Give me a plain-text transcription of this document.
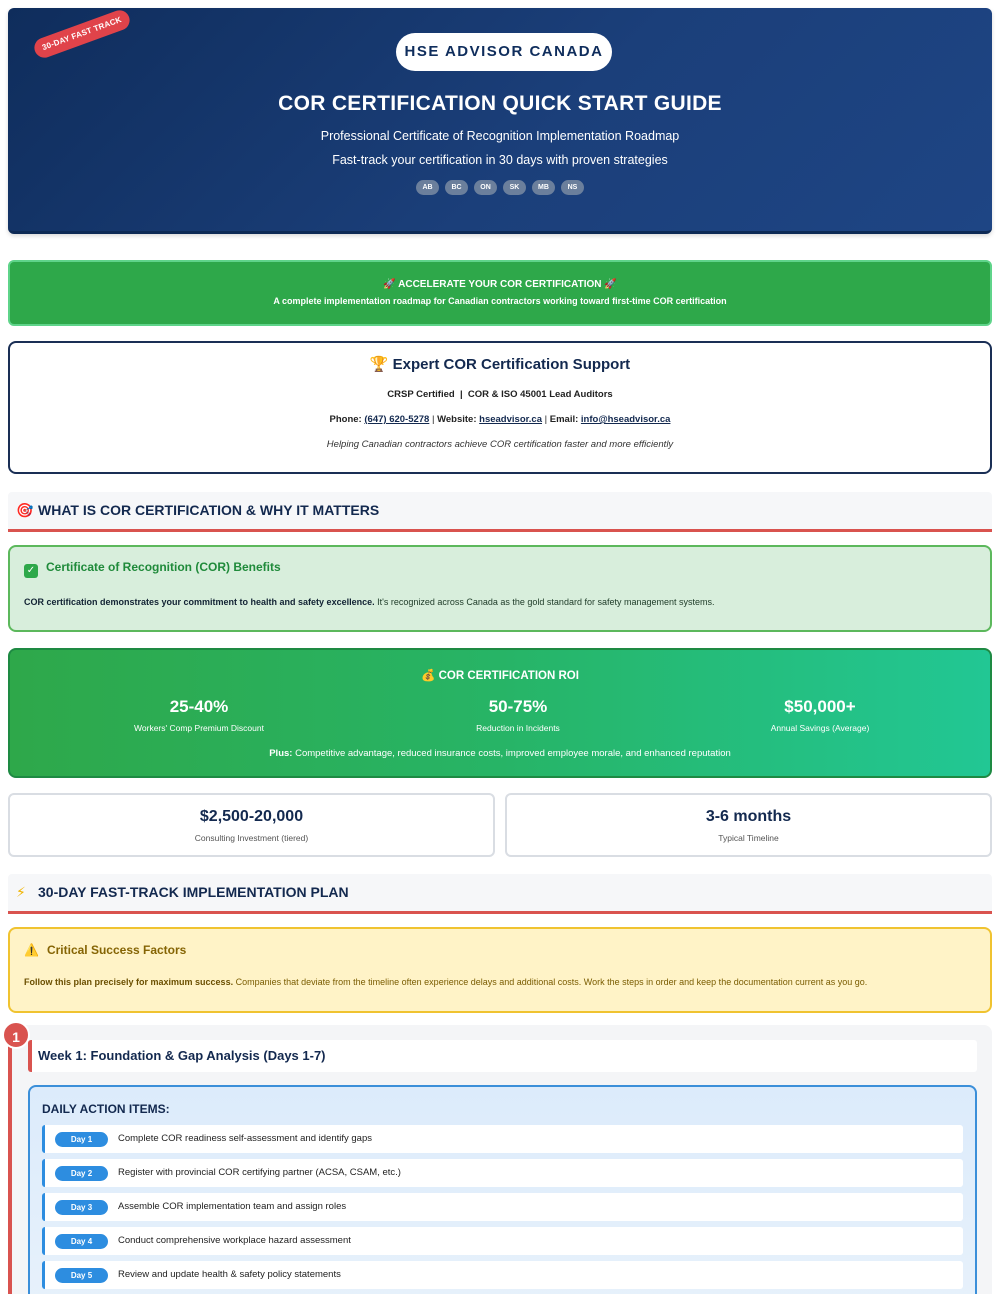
30-DAY FAST TRACK	HSE ADVISOR CANADA
COR CERTIFICATION QUICK START GUIDE
Professional Certificate of Recognition Implementation Roadmap
Fast-track your certification in 30 days with proven strategies
AB	BC	ON	SK	MB	NS
🚀 ACCELERATE YOUR COR CERTIFICATION 🚀
A complete implementation roadmap for Canadian contractors working toward first-time COR certification
🏆 Expert COR Certification Support
CRSP Certified  |  COR & ISO 45001 Lead Auditors
Phone: (647) 620-5278 | Website: hseadvisor.ca | Email: info@hseadvisor.ca
Helping Canadian contractors achieve COR certification faster and more efficiently
🎯 WHAT IS COR CERTIFICATION & WHY IT MATTERS
✓ Certificate of Recognition (COR) Benefits
COR certification demonstrates your commitment to health and safety excellence. It's recognized across Canada as the gold standard for safety management systems.
💰 COR CERTIFICATION ROI
25-40%
Workers' Comp Premium Discount
50-75%
Reduction in Incidents
$50,000+
Annual Savings (Average)
Plus: Competitive advantage, reduced insurance costs, improved employee morale, and enhanced reputation
$2,500-20,000
Consulting Investment (tiered)
3-6 months
Typical Timeline
⚡ 30-DAY FAST-TRACK IMPLEMENTATION PLAN
⚠️ Critical Success Factors
Follow this plan precisely for maximum success. Companies that deviate from the timeline often experience delays and additional costs. Work the steps in order and keep the documentation current as you go.
1
Week 1: Foundation & Gap Analysis (Days 1-7)
DAILY ACTION ITEMS:
Day 1	Complete COR readiness self-assessment and identify gaps
Day 2	Register with provincial COR certifying partner (ACSA, CSAM, etc.)
Day 3	Assemble COR implementation team and assign roles
Day 4	Conduct comprehensive workplace hazard assessment
Day 5	Review and update health & safety policy statements
